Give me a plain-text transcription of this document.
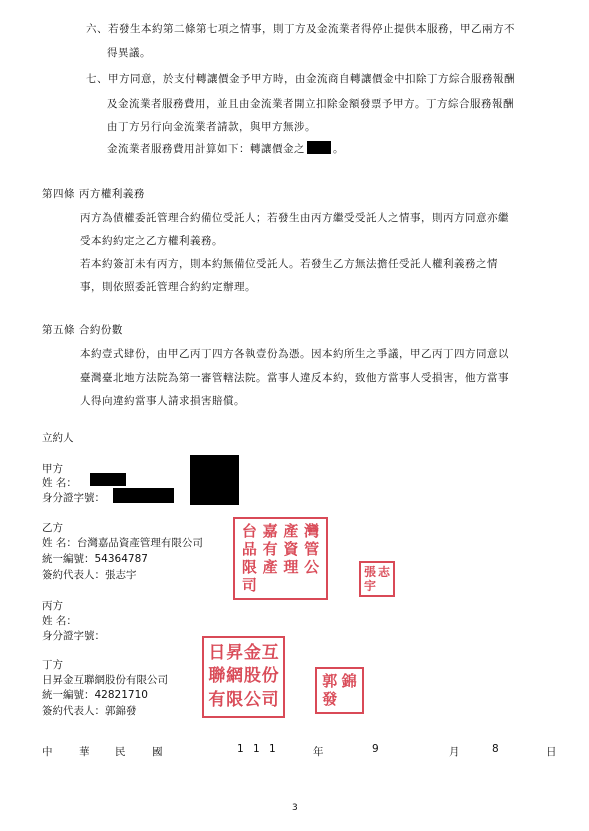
六、若發生本約第二條第七項之情事，則丁方及金流業者得停止提供本服務，甲乙兩方不
得異議。
七、甲方同意，於支付轉讓價金予甲方時，由金流商自轉讓價金中扣除丁方綜合服務報酬
及金流業者服務費用，並且由金流業者開立扣除金額發票予甲方。丁方綜合服務報酬
由丁方另行向金流業者請款，與甲方無涉。
金流業者服務費用計算如下：轉讓價金之	。
第四條 丙方權利義務
丙方為債權委託管理合約備位受託人；若發生由丙方繼受受託人之情事，則丙方同意亦繼
受本約約定之乙方權利義務。
若本約簽訂未有丙方，則本約無備位受託人。若發生乙方無法擔任受託人權利義務之情
事，則依照委託管理合約約定辦理。
第五條 合約份數
本約壹式肆份，由甲乙丙丁四方各執壹份為憑。因本約所生之爭議，甲乙丙丁四方同意以
臺灣臺北地方法院為第一審管轄法院。當事人違反本約，致他方當事人受損害，他方當事
人得向違約當事人請求損害賠償。
立約人
甲方
姓 名：
身分證字號：
乙方
姓 名：台灣嘉品資產管理有限公司
統一編號：54364787
簽約代表人：張志宇
台 嘉 產 灣
品 有 資 管
限 產 理 公
司
張 志
宇
丙方
姓 名：
身分證字號：
丁方
日昇金互聯網股份有限公司
統一編號：42821710
簽約代表人：郭錦發
日 昇 金 互
聯 網 股 份
有 限 公 司
郭 錦
發
中	華 民	國	1 1 1	年	9	月	8	日
3
